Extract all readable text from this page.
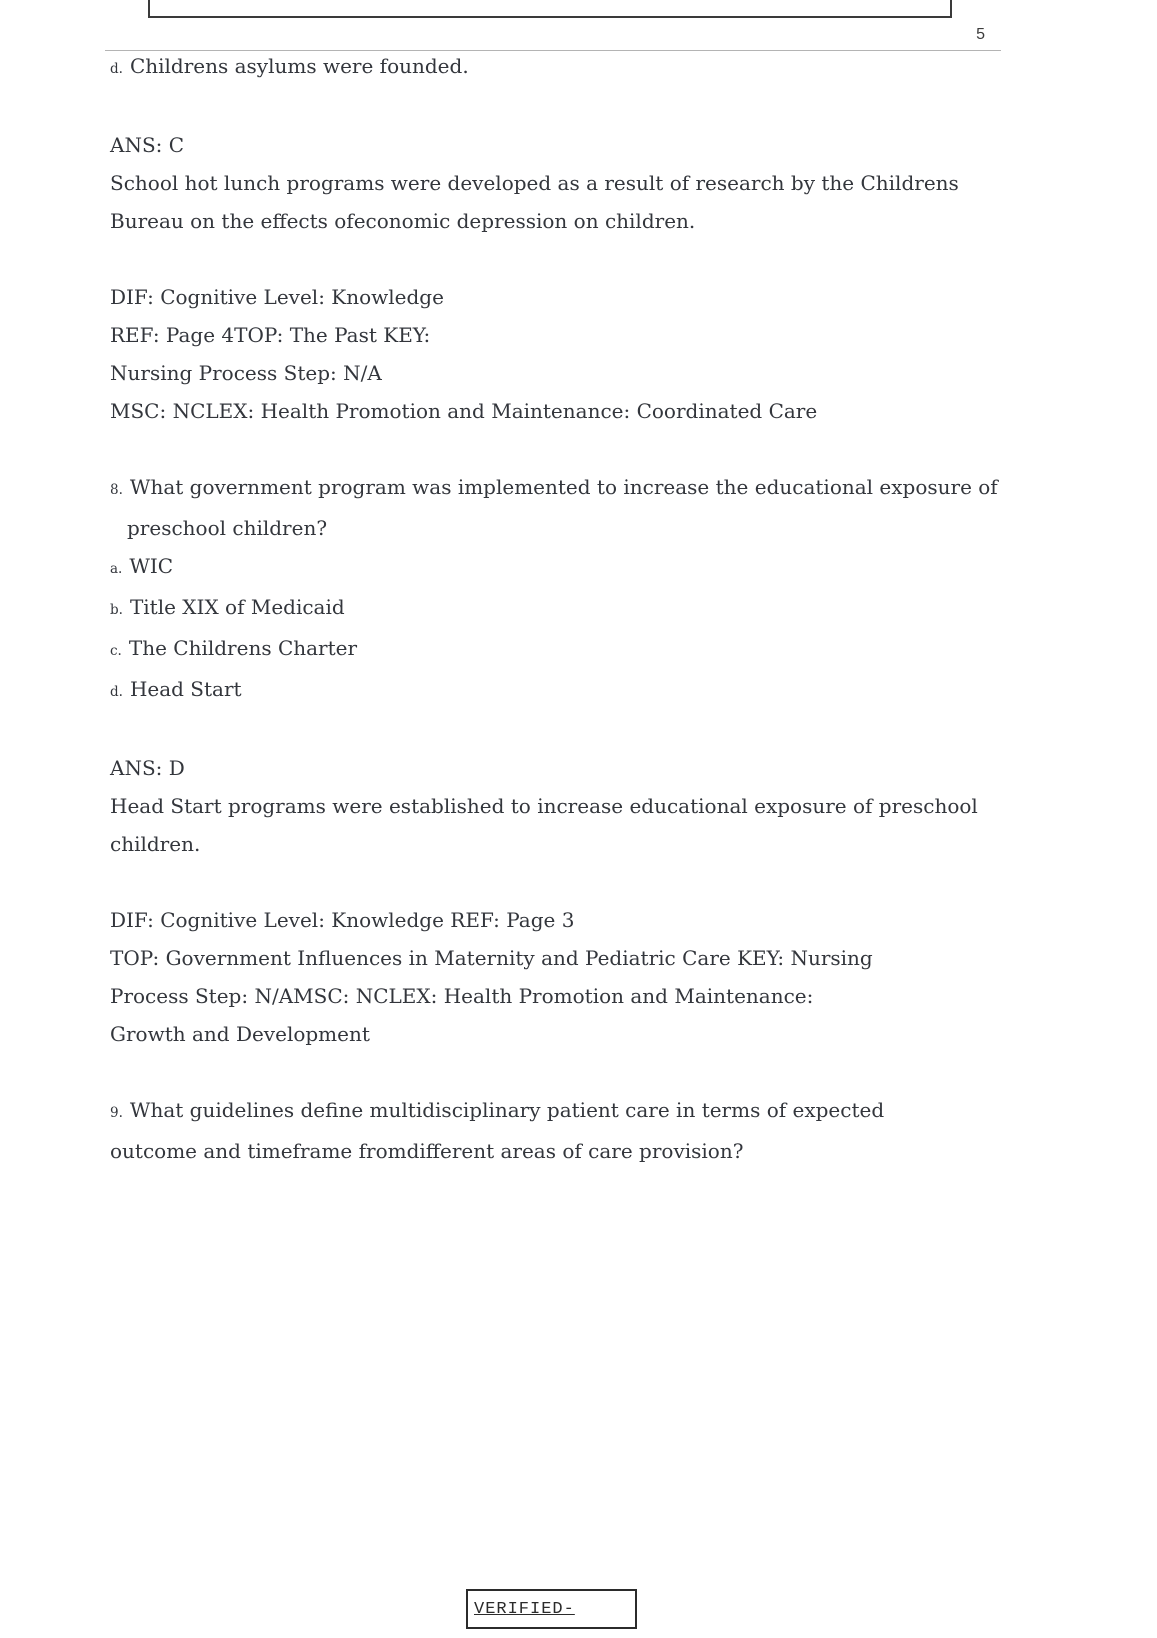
5
d. Childrens asylums were founded.
ANS: C
School hot lunch programs were developed as a result of research by the Childrens
Bureau on the effects ofeconomic depression on children.
DIF: Cognitive Level: Knowledge
REF: Page 4TOP: The Past KEY:
Nursing Process Step: N/A
MSC: NCLEX: Health Promotion and Maintenance: Coordinated Care
8. What government program was implemented to increase the educational exposure of
preschool children?
a. WIC
b. Title XIX of Medicaid
c. The Childrens Charter
d. Head Start
ANS: D
Head Start programs were established to increase educational exposure of preschool
children.
DIF: Cognitive Level: Knowledge REF: Page 3
TOP: Government Influences in Maternity and Pediatric Care KEY: Nursing
Process Step: N/AMSC: NCLEX: Health Promotion and Maintenance:
Growth and Development
9. What guidelines define multidisciplinary patient care in terms of expected
outcome and timeframe fromdifferent areas of care provision?
VERIFIED-
